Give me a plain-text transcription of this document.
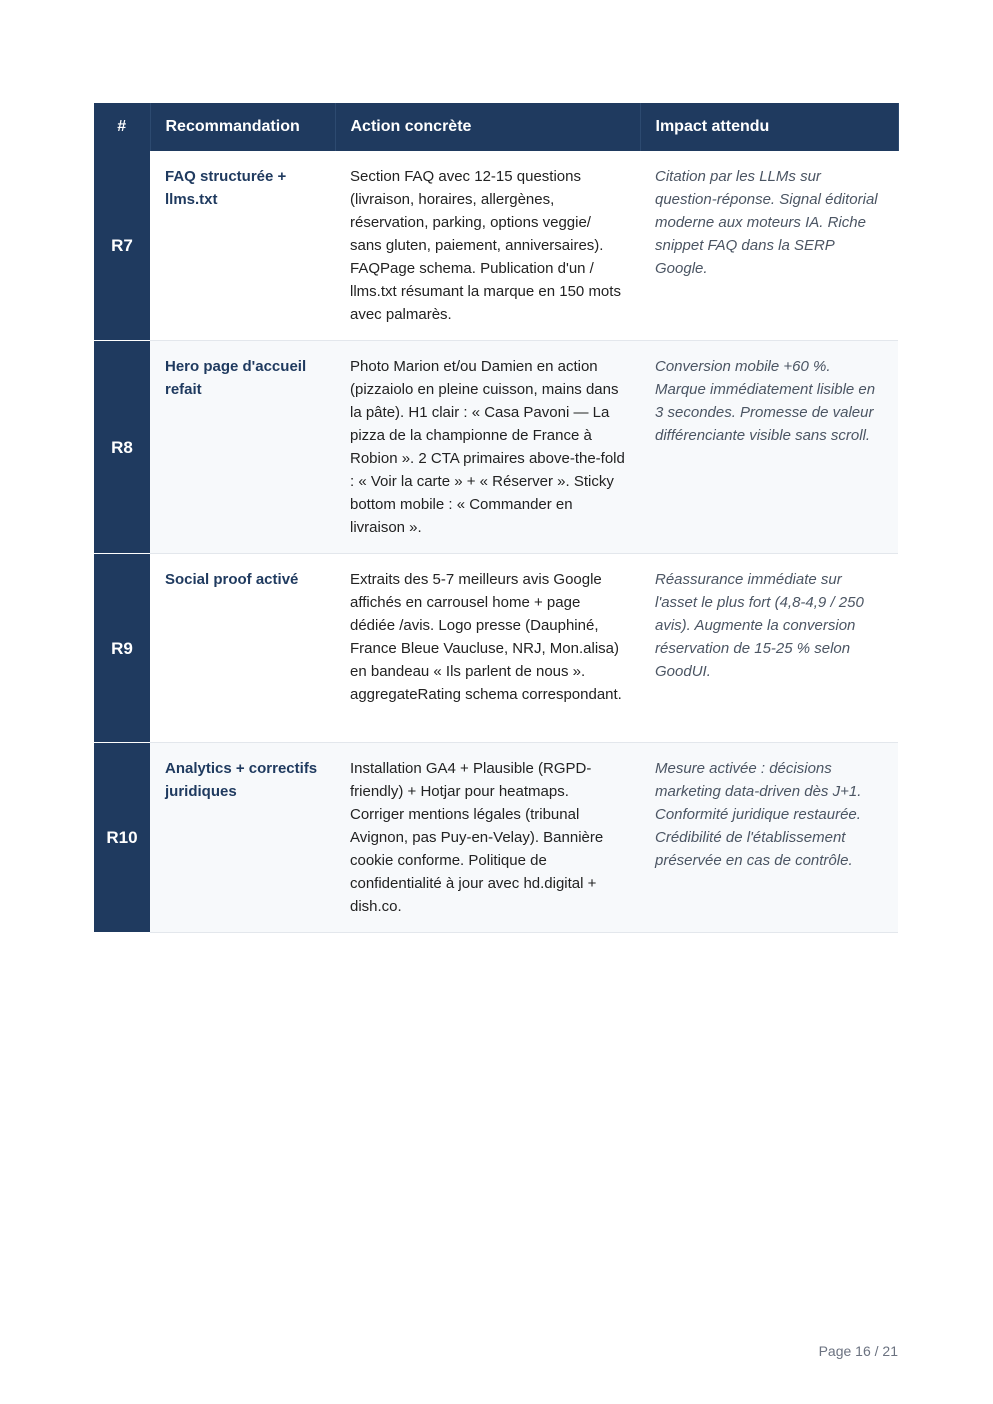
#	Recommandation	Action concrète	Impact attendu
R7	FAQ structurée + llms.txt	Section FAQ avec 12-15 questions (livraison, horaires, allergènes, réservation, parking, options veggie/ sans gluten, paiement, anniversaires). FAQPage schema. Publication d'un / llms.txt résumant la marque en 150 mots avec palmarès.	Citation par les LLMs sur question-réponse. Signal éditorial moderne aux moteurs IA. Riche snippet FAQ dans la SERP Google.
R8	Hero page d'accueil refait	Photo Marion et/ou Damien en action (pizzaiolo en pleine cuisson, mains dans la pâte). H1 clair : « Casa Pavoni — La pizza de la championne de France à Robion ». 2 CTA primaires above-the-fold : « Voir la carte » + « Réserver ». Sticky bottom mobile : « Commander en livraison ».	Conversion mobile +60 %. Marque immédiatement lisible en 3 secondes. Promesse de valeur différenciante visible sans scroll.
R9	Social proof activé	Extraits des 5-7 meilleurs avis Google affichés en carrousel home + page dédiée /avis. Logo presse (Dauphiné, France Bleue Vaucluse, NRJ, Mon.alisa) en bandeau « Ils parlent de nous ». aggregateRating schema correspondant.	Réassurance immédiate sur l'asset le plus fort (4,8-4,9 / 250 avis). Augmente la conversion réservation de 15-25 % selon GoodUI.
R10	Analytics + correctifs juridiques	Installation GA4 + Plausible (RGPD-friendly) + Hotjar pour heatmaps. Corriger mentions légales (tribunal Avignon, pas Puy-en-Velay). Bannière cookie conforme. Politique de confidentialité à jour avec hd.digital + dish.co.	Mesure activée : décisions marketing data-driven dès J+1. Conformité juridique restaurée. Crédibilité de l'établissement préservée en cas de contrôle.
Page 16 / 21
